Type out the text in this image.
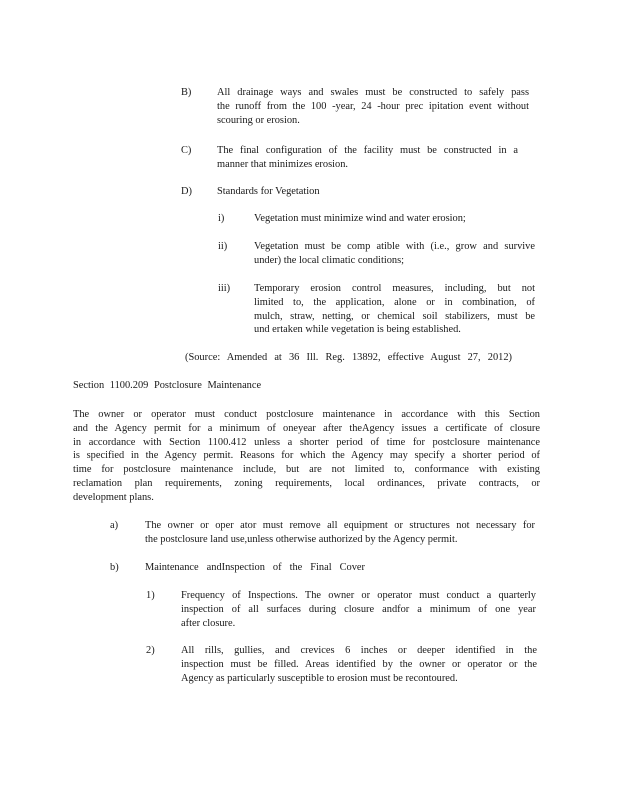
B) All drainage ways and swales must be constructed to safely pass
the runoff from the 100 -year, 24 -hour prec ipitation event without
scouring or erosion.
C) The final configuration of the facility must be constructed in a
manner that minimizes erosion.
D) Standards for Vegetation
i)	Vegetation must minimize wind and water erosion;
ii)	Vegetation must be comp atible with (i.e., grow and survive
under) the local climatic conditions;
iii) Temporary erosion control measures, including, but not
limited to, the application, alone or in combination, of
mulch, straw, netting, or chemical soil stabilizers, must be
und ertaken while vegetation is being established.
(Source: Amended at 36 Ill. Reg. 13892, effective August 27, 2012)
Section 1100.209 Postclosure Maintenance
The owner or operator must conduct postclosure maintenance in accordance with this Section
and the Agency permit for a minimum of oneyear after theAgency issues a certificate of closure
in accordance with Section 1100.412 unless a shorter period of time for postclosure maintenance
is specified in the Agency permit. Reasons for which the Agency may specify a shorter period of
time for postclosure maintenance include, but are not limited to, conformance with existing
reclamation plan requirements, zoning requirements, local ordinances, private contracts, or
development plans.
a)	The owner or oper ator must remove all equipment or structures not necessary for
the postclosure land use,unless otherwise authorized by the Agency permit.
b)	Maintenance andInspection of the Final Cover
1)	Frequency of Inspections. The owner or operator must conduct a quarterly
inspection of all surfaces during closure andfor a minimum of one year
after closure.
2)	All rills, gullies, and crevices 6 inches or deeper identified in the
inspection must be filled. Areas identified by the owner or operator or the
Agency as particularly susceptible to erosion must be recontoured.
